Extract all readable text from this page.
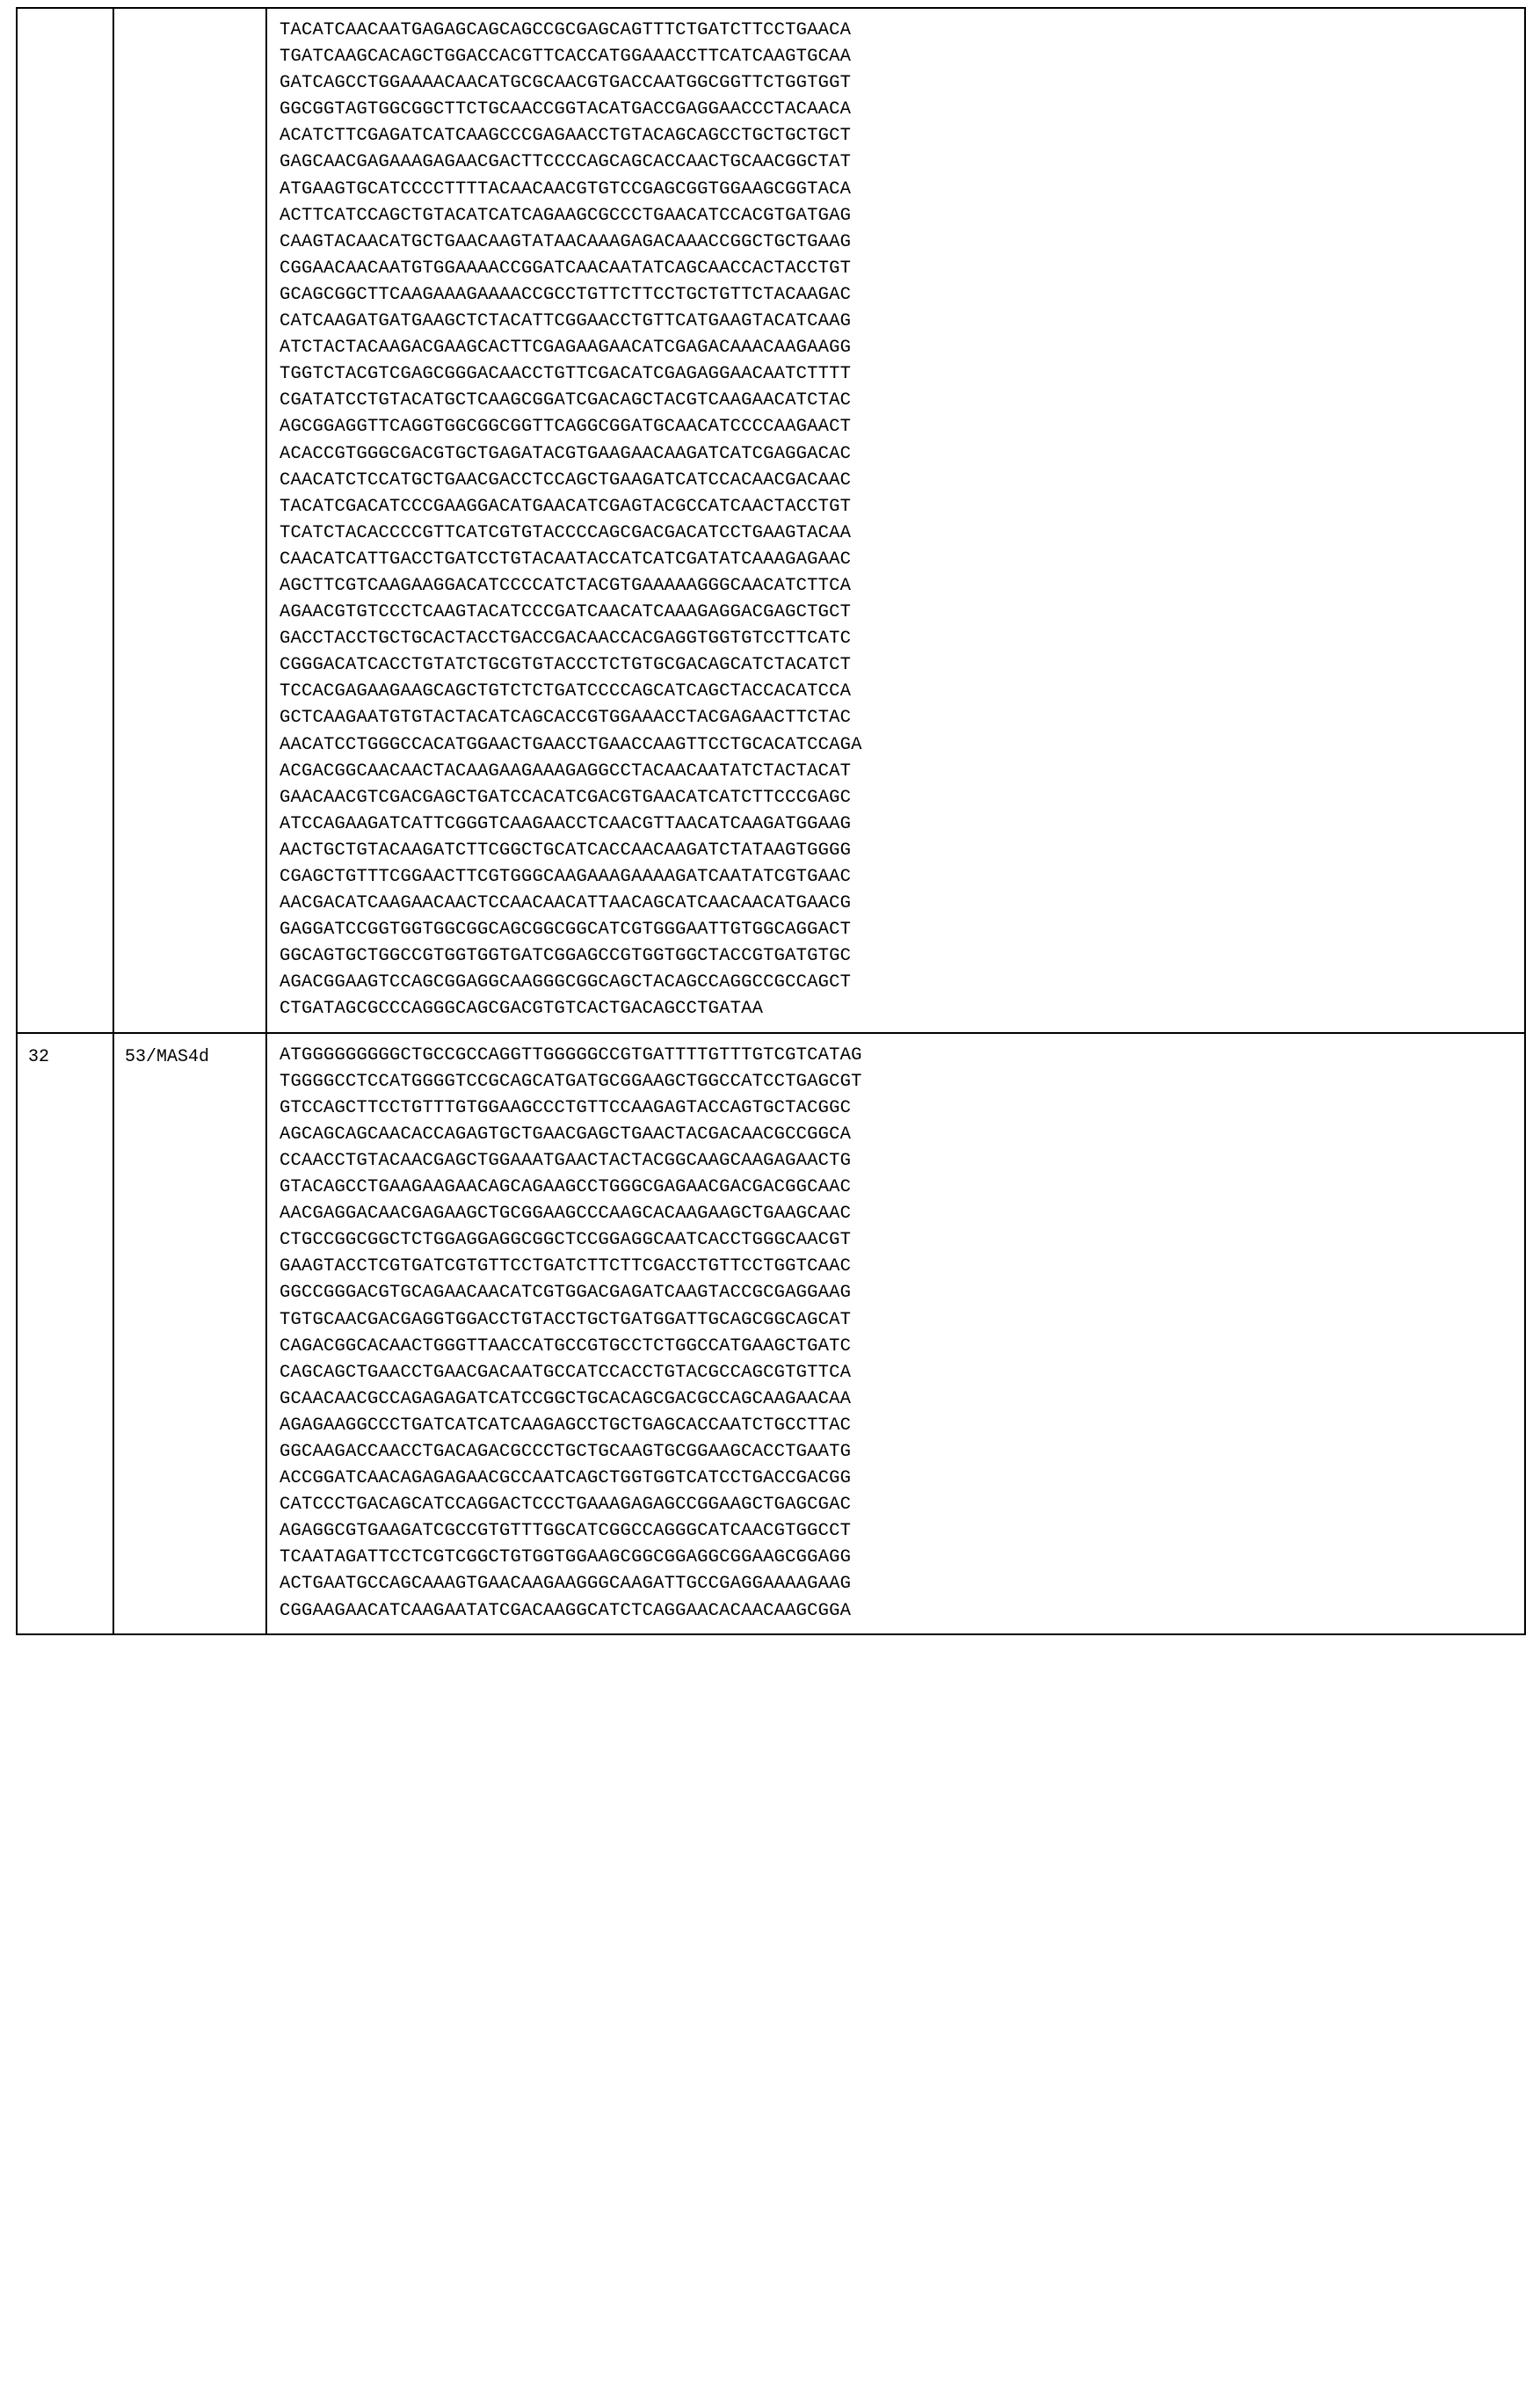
TACATCAACAATGAGAGCAGCAGCCGCGAGCAGTTTCTGATCTTCCTGAACA
TGATCAAGCACAGCTGGACCACGTTCACCATGGAAACCTTCATCAAGTGCAA
GATCAGCCTGGAAAACAACATGCGCAACGTGACCAATGGCGGTTCTGGTGGT
GGCGGTAGTGGCGGCTTCTGCAACCGGTACATGACCGAGGAACCCTACAACA
ACATCTTCGAGATCATCAAGCCCGAGAACCTGTACAGCAGCCTGCTGCTGCT
GAGCAACGAGAAAGAGAACGACTTCCCCAGCAGCACCAACTGCAACGGCTAT
ATGAAGTGCATCCCCTTTTACAACAACGTGTCCGAGCGGTGGAAGCGGTACA
ACTTCATCCAGCTGTACATCATCAGAAGCGCCCTGAACATCCACGTGATGAG
CAAGTACAACATGCTGAACAAGTATAACAAAGAGACAAACCGGCTGCTGAAG
CGGAACAACAATGTGGAAAACCGGATCAACAATATCAGCAACCACTACCTGT
GCAGCGGCTTCAAGAAAGAAAACCGCCTGTTCTTCCTGCTGTTCTACAAGAC
CATCAAGATGATGAAGCTCTACATTCGGAACCTGTTCATGAAGTACATCAAG
ATCTACTACAAGACGAAGCACTTCGAGAAGAACATCGAGACAAACAAGAAGG
TGGTCTACGTCGAGCGGGACAACCTGTTCGACATCGAGAGGAACAATCTTTT
CGATATCCTGTACATGCTCAAGCGGATCGACAGCTACGTCAAGAACATCTAC
AGCGGAGGTTCAGGTGGCGGCGGTTCAGGCGGATGCAACATCCCCAAGAACT
ACACCGTGGGCGACGTGCTGAGATACGTGAAGAACAAGATCATCGAGGACAC
CAACATCTCCATGCTGAACGACCTCCAGCTGAAGATCATCCACAACGACAAC
TACATCGACATCCCGAAGGACATGAACATCGAGTACGCCATCAACTACCTGT
TCATCTACACCCCGTTCATCGTGTACCCCAGCGACGACATCCTGAAGTACAA
CAACATCATTGACCTGATCCTGTACAATACCATCATCGATATCAAAGAGAAC
AGCTTCGTCAAGAAGGACATCCCCATCTACGTGAAAAAGGGCAACATCTTCA
AGAACGTGTCCCTCAAGTACATCCCGATCAACATCAAAGAGGACGAGCTGCT
GACCTACCTGCTGCACTACCTGACCGACAACCACGAGGTGGTGTCCTTCATC
CGGGACATCACCTGTATCTGCGTGTACCCTCTGTGCGACAGCATCTACATCT
TCCACGAGAAGAAGCAGCTGTCTCTGATCCCCAGCATCAGCTACCACATCCA
GCTCAAGAATGTGTACTACATCAGCACCGTGGAAACCTACGAGAACTTCTAC
AACATCCTGGGCCACATGGAACTGAACCTGAACCAAGTTCCTGCACATCCAGA
ACGACGGCAACAACTACAAGAAGAAAGAGGCCTACAACAATATCTACTACAT
GAACAACGTCGACGAGCTGATCCACATCGACGTGAACATCATCTTCCCGAGC
ATCCAGAAGATCATTCGGGTCAAGAACCTCAACGTTAACATCAAGATGGAAG
AACTGCTGTACAAGATCTTCGGCTGCATCACCAACAAGATCTATAAGTGGGG
CGAGCTGTTTCGGAACTTCGTGGGCAAGAAAGAAAAGATCAATATCGTGAAC
AACGACATCAAGAACAACTCCAACAACATTAACAGCATCAACAACATGAACG
GAGGATCCGGTGGTGGCGGCAGCGGCGGCATCGTGGGAATTGTGGCAGGACT
GGCAGTGCTGGCCGTGGTGGTGATCGGAGCCGTGGTGGCTACCGTGATGTGC
AGACGGAAGTCCAGCGGAGGCAAGGGCGGCAGCTACAGCCAGGCCGCCAGCT
CTGATAGCGCCCAGGGCAGCGACGTGTCACTGACAGCCTGATAA

32	53/MAS4d	ATGGGGGGGGGCTGCCGCCAGGTTGGGGGCCGTGATTTTGTTTGTCGTCATAG
TGGGGCCTCCATGGGGTCCGCAGCATGATGCGGAAGCTGGCCATCCTGAGCGT
GTCCAGCTTCCTGTTTGTGGAAGCCCTGTTCCAAGAGTACCAGTGCTACGGC
AGCAGCAGCAACACCAGAGTGCTGAACGAGCTGAACTACGACAACGCCGGCA
CCAACCTGTACAACGAGCTGGAAATGAACTACTACGGCAAGCAAGAGAACTG
GTACAGCCTGAAGAAGAACAGCAGAAGCCTGGGCGAGAACGACGACGGCAAC
AACGAGGACAACGAGAAGCTGCGGAAGCCCAAGCACAAGAAGCTGAAGCAAC
CTGCCGGCGGCTCTGGAGGAGGCGGCTCCGGAGGCAATCACCTGGGCAACGT
GAAGTACCTCGTGATCGTGTTCCTGATCTTCTTCGACCTGTTCCTGGTCAAC
GGCCGGGACGTGCAGAACAACATCGTGGACGAGATCAAGTACCGCGAGGAAG
TGTGCAACGACGAGGTGGACCTGTACCTGCTGATGGATTGCAGCGGCAGCAT
CAGACGGCACAACTGGGTTAACCATGCCGTGCCTCTGGCCATGAAGCTGATC
CAGCAGCTGAACCTGAACGACAATGCCATCCACCTGTACGCCAGCGTGTTCA
GCAACAACGCCAGAGAGATCATCCGGCTGCACAGCGACGCCAGCAAGAACAA
AGAGAAGGCCCTGATCATCATCAAGAGCCTGCTGAGCACCAATCTGCCTTAC
GGCAAGACCAACCTGACAGACGCCCTGCTGCAAGTGCGGAAGCACCTGAATG
ACCGGATCAACAGAGAGAACGCCAATCAGCTGGTGGTCATCCTGACCGACGG
CATCCCTGACAGCATCCAGGACTCCCTGAAAGAGAGCCGGAAGCTGAGCGAC
AGAGGCGTGAAGATCGCCGTGTTTGGCATCGGCCAGGGCATCAACGTGGCCT
TCAATAGATTCCTCGTCGGCTGTGGTGGAAGCGGCGGAGGCGGAAGCGGAGG
ACTGAATGCCAGCAAAGTGAACAAGAAGGGCAAGATTGCCGAGGAAAAGAAG
CGGAAGAACATCAAGAATATCGACAAGGCATCTCAGGAACACAACAAGCGGA
